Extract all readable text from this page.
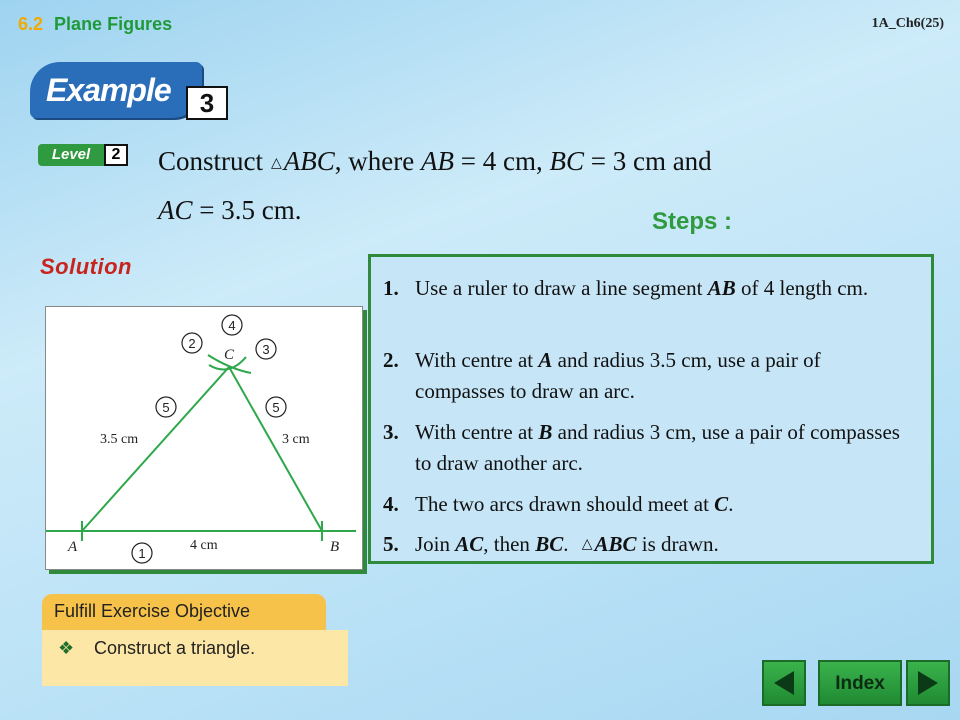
6.2 Plane Figures	1A_Ch6(25)
Example	3
Level	2 Construct △ABC, where AB = 4 cm, BC = 3 cm and
AC = 3.5 cm.	Steps :
Solution
A	B
C
3.5 cm	3 cm
4 cm
1
2	3
4
5	5
1. Use a ruler to draw a line segment AB of 4 length cm.
2. With centre at A and radius 3.5 cm, use a pair of compasses to draw an arc.
3. With centre at B and radius 3 cm, use a pair of compasses to draw another arc.
4. The two arcs drawn should meet at C.
5. Join AC, then BC. △ABC is drawn.
Fulfill Exercise Objective
❖ Construct a triangle.
Index
